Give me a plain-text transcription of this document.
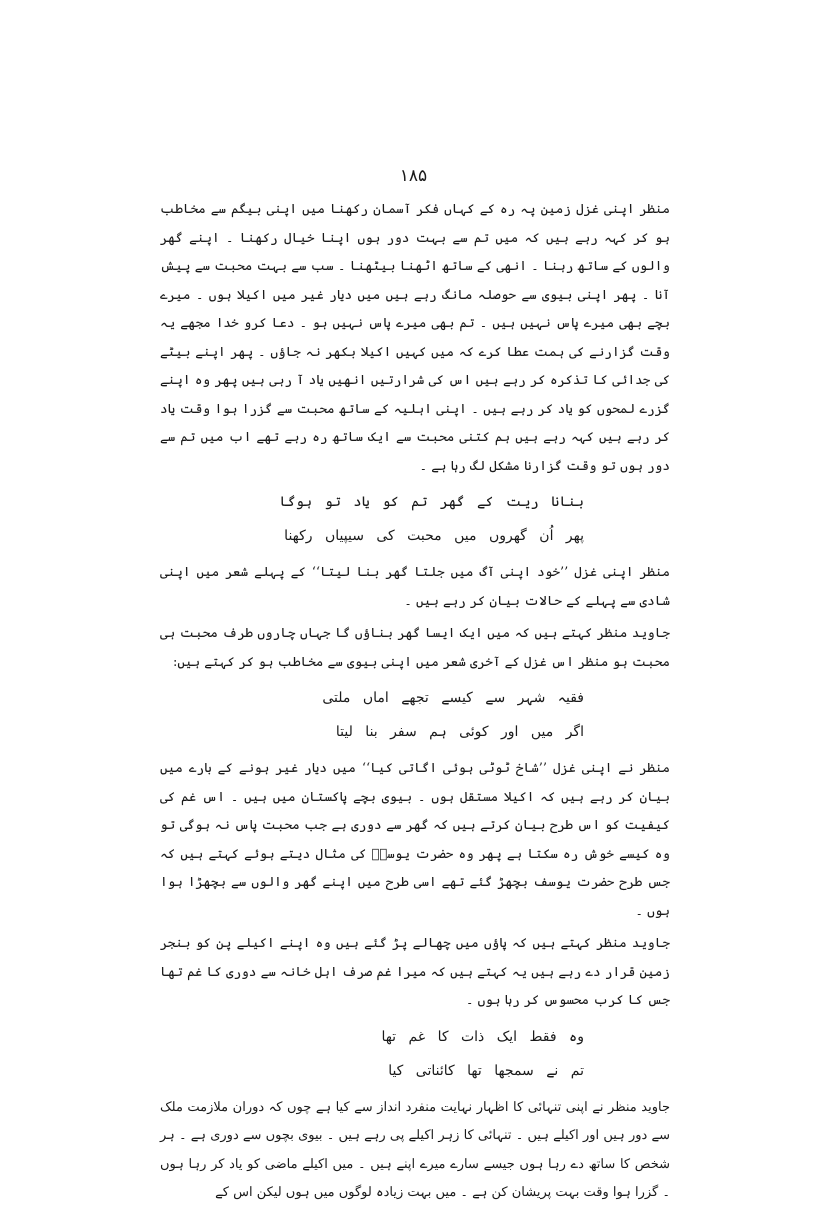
۱۸۵

منظر اپنی غزل زمین پہ رہ کے کہاں فکر آسمان رکھنا میں اپنی بیگم سے مخاطب ہو کر کہہ رہے ہیں کہ میں تم سے بہت دور ہوں اپنا خیال رکھنا ۔ اپنے گھر والوں کے ساتھ رہنا ۔ انھی کے ساتھ اٹھنا بیٹھنا ۔ سب سے بہت محبت سے پیش آنا ۔ پھر اپنی بیوی سے حوصلہ مانگ رہے ہیں میں دیار غیر میں اکیلا ہوں ۔ میرے بچے بھی میرے پاس نہیں ہیں ۔ تم بھی میرے پاس نہیں ہو ۔ دعا کرو خدا مجھے یہ وقت گزارنے کی ہمت عطا کرے کہ میں کہیں اکیلا بکھر نہ جاؤں ۔ پھر اپنے بیٹے کی جدائی کا تذکرہ کر رہے ہیں اس کی شرارتیں انھیں یاد آ رہی ہیں پھر وہ اپنے گزرے لمحوں کو یاد کر رہے ہیں ۔ اپنی اہلیہ کے ساتھ محبت سے گزرا ہوا وقت یاد کر رہے ہیں کہہ رہے ہیں ہم کتنی محبت سے ایک ساتھ رہ رہے تھے اب میں تم سے دور ہوں تو وقت گزارنا مشکل لگ رہا ہے ۔

بنانا ریت کے گھر تم کو یاد تو ہوگا
پھر اُن گھروں میں محبت کی سیپیاں رکھنا

منظر اپنی غزل ’’خود اپنی آگ میں جلتا گھر بنا لیتا‘‘ کے پہلے شعر میں اپنی شادی سے پہلے کے حالات بیان کر رہے ہیں ۔

جاوید منظر کہتے ہیں کہ میں ایک ایسا گھر بناؤں گا جہاں چاروں طرف محبت ہی محبت ہو منظر اس غزل کے آخری شعر میں اپنی بیوی سے مخاطب ہو کر کہتے ہیں:

فقیہ شہر سے کیسے تجھے اماں ملتی
اگر میں اور کوئی ہم سفر بنا لیتا

منظر نے اپنی غزل ’’شاخ ٹوٹی ہوئی اگاتی کیا‘‘ میں دیار غیر ہونے کے بارے میں بیان کر رہے ہیں کہ اکیلا مستقل ہوں ۔ بیوی بچے پاکستان میں ہیں ۔ اس غم کی کیفیت کو اس طرح بیان کرتے ہیں کہ گھر سے دوری ہے جب محبت پاس نہ ہوگی تو وہ کیسے خوش رہ سکتا ہے پھر وہ حضرت یوسفؑ کی مثال دیتے ہوئے کہتے ہیں کہ جس طرح حضرت یوسف بچھڑ گئے تھے اسی طرح میں اپنے گھر والوں سے بچھڑا ہوا ہوں ۔

جاوید منظر کہتے ہیں کہ پاؤں میں چھالے پڑ گئے ہیں وہ اپنے اکیلے پن کو بنجر زمین قرار دے رہے ہیں یہ کہتے ہیں کہ میرا غم صرف اہل خانہ سے دوری کا غم تھا جس کا کرب محسوس کر رہا ہوں ۔

وہ فقط ایک ذات کا غم تھا
تم نے سمجھا تھا کائناتی کیا

جاوید منظر نے اپنی تنہائی کا اظہار نہایت منفرد انداز سے کیا ہے چوں کہ دوران ملازمت ملک سے دور ہیں اور اکیلے ہیں ۔ تنہائی کا زہر اکیلے پی رہے ہیں ۔ بیوی بچوں سے دوری ہے ۔ ہر شخص کا ساتھ دے رہا ہوں جیسے سارے میرے اپنے ہیں ۔ میں اکیلے ماضی کو یاد کر رہا ہوں ۔ گزرا ہوا وقت بہت پریشان کن ہے ۔ میں بہت زیادہ لوگوں میں ہوں لیکن اس کے
